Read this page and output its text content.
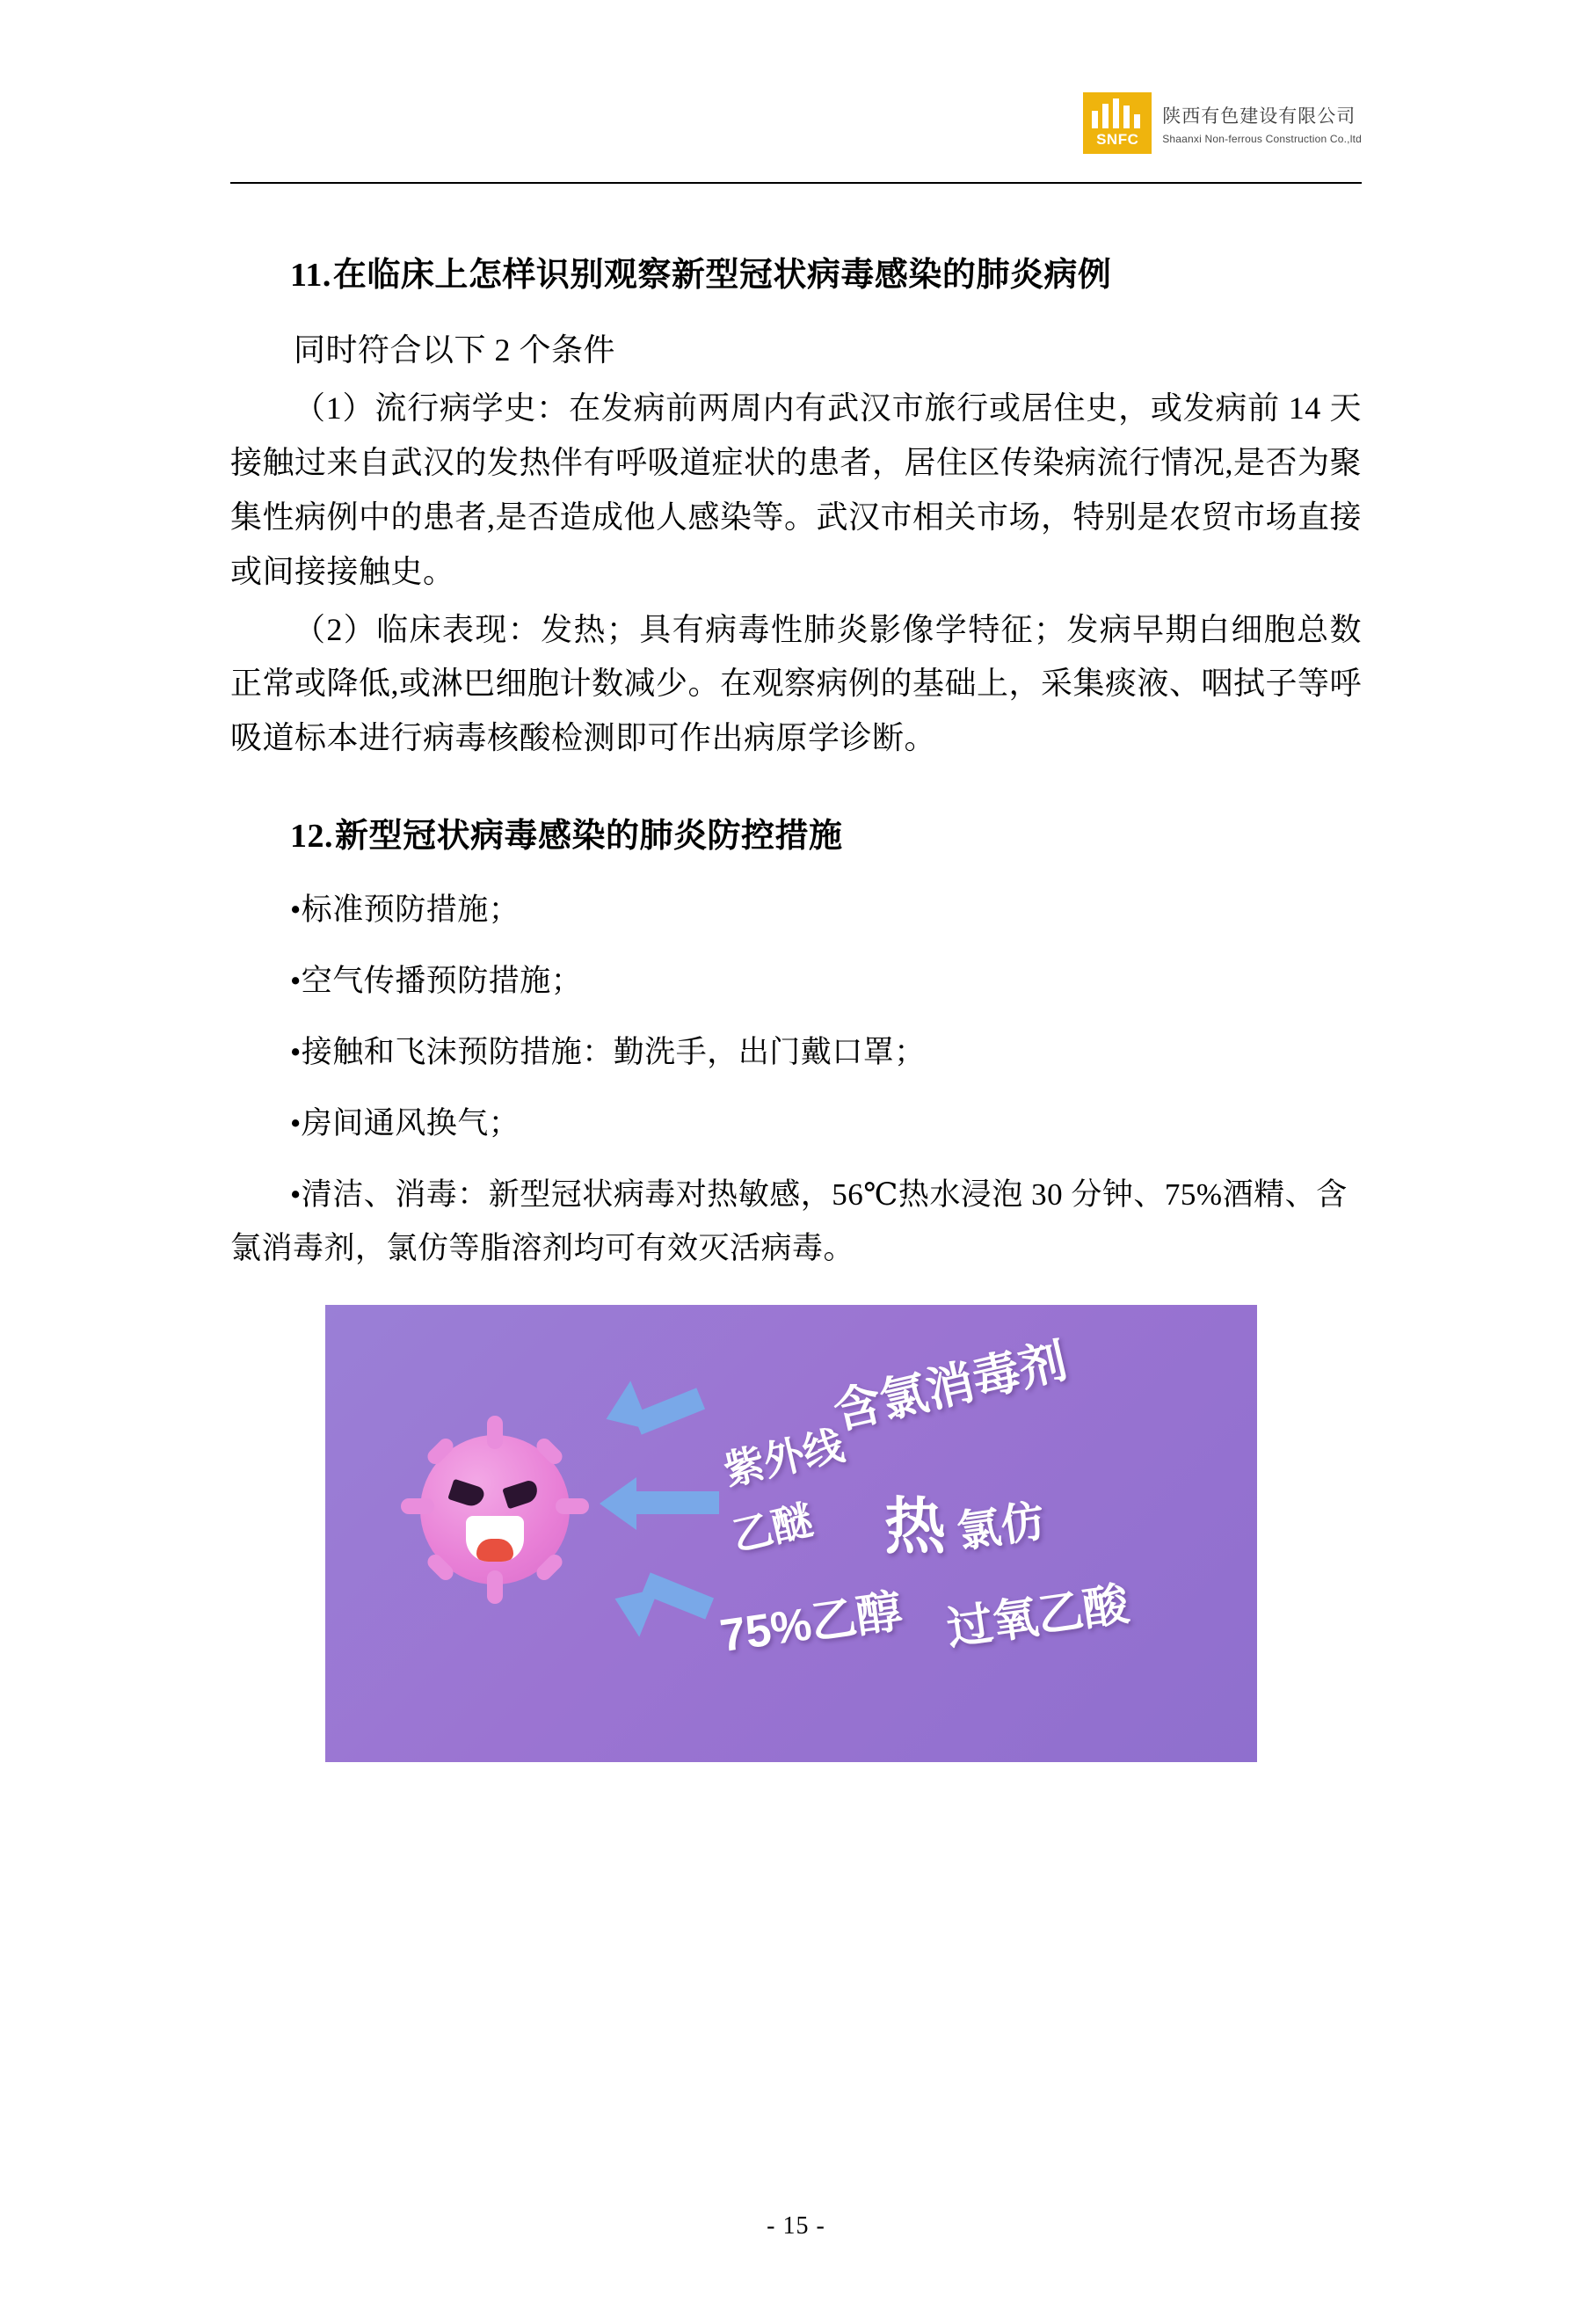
SNFC
陕西有色建设有限公司
Shaanxi Non-ferrous Construction Co.,ltd
11.在临床上怎样识别观察新型冠状病毒感染的肺炎病例

同时符合以下 2 个条件

（1）流行病学史：在发病前两周内有武汉市旅行或居住史，或发病前 14 天接触过来自武汉的发热伴有呼吸道症状的患者，居住区传染病流行情况,是否为聚集性病例中的患者,是否造成他人感染等。武汉市相关市场，特别是农贸市场直接或间接接触史。

（2）临床表现：发热；具有病毒性肺炎影像学特征；发病早期白细胞总数正常或降低,或淋巴细胞计数减少。在观察病例的基础上，采集痰液、咽拭子等呼吸道标本进行病毒核酸检测即可作出病原学诊断。

12.新型冠状病毒感染的肺炎防控措施

•标准预防措施；

•空气传播预防措施；

•接触和飞沫预防措施：勤洗手，出门戴口罩；

•房间通风换气；

•清洁、消毒：新型冠状病毒对热敏感，56℃热水浸泡 30 分钟、75%酒精、含氯消毒剂，氯仿等脂溶剂均可有效灭活病毒。

含氯消毒剂
紫外线
乙醚 热 氯仿
75%乙醇 过氧乙酸
- 15 -
